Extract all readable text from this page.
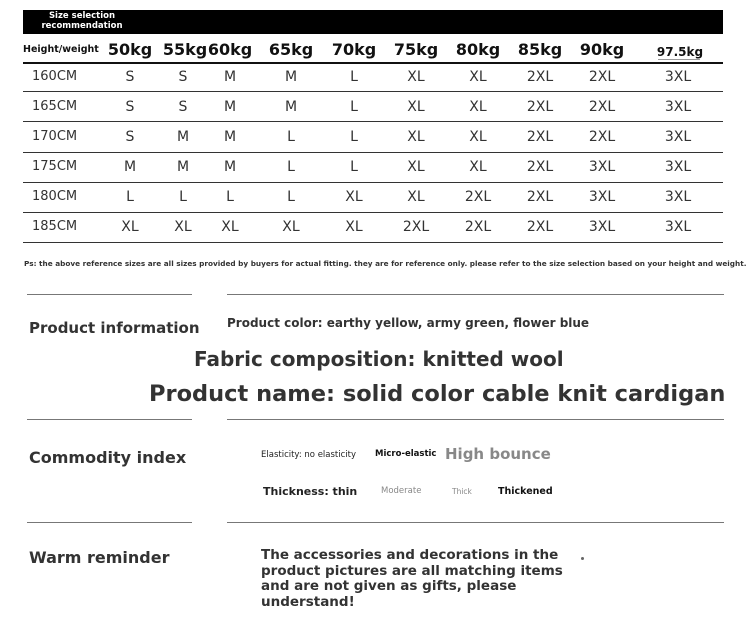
Size selection recommendation
Height/weight 50kg 55kg 60kg 65kg 70kg 75kg 80kg 85kg 90kg	97.5kg
160CM	S	S	M	M	L	XL	XL	2XL	2XL	3XL
165CM	S	S	M	M	L	XL	XL	2XL	2XL	3XL
170CM	S	M	M	L	L	XL	XL	2XL	2XL	3XL
175CM	M	M	M	L	L	XL	XL	2XL	3XL	3XL
180CM	L	L	L	L	XL	XL	2XL	2XL	3XL	3XL
185CM	XL	XL	XL	XL	XL	2XL	2XL	2XL	3XL	3XL
Ps: the above reference sizes are all sizes provided by buyers for actual fitting. they are for reference only. please refer to the size selection based on your height and weight.
Product information Product color: earthy yellow, army green, flower blue
Fabric composition: knitted wool
Product name: solid color cable knit cardigan
Commodity index	Elasticity: no elasticity Micro-elastic High bounce
Thickness: thin	Moderate	Thick	Thickened
Warm reminder	The accessories and decorations in the product pictures are all matching items and are not given as gifts, please understand!
